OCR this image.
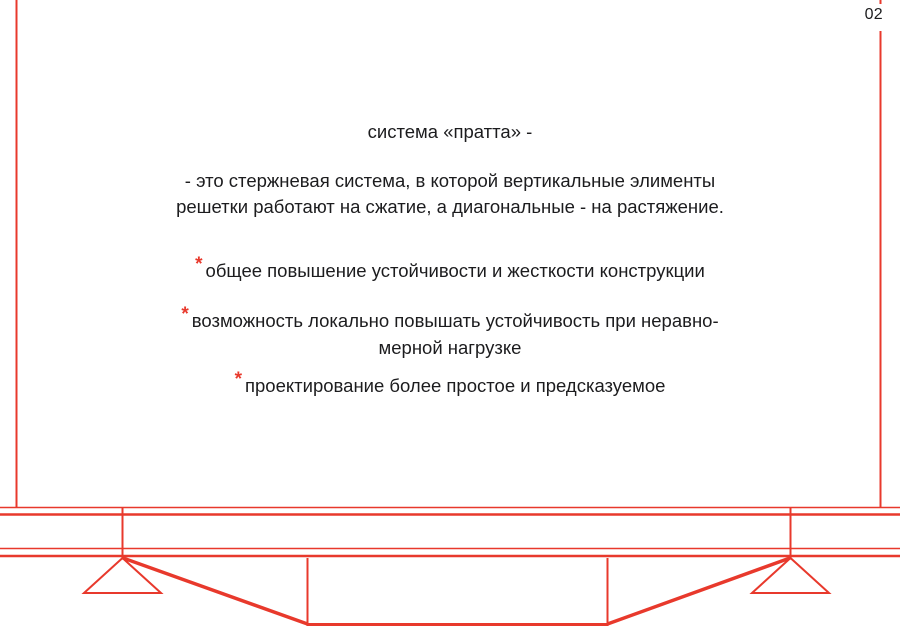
02
система «пратта» -
- это стержневая система, в которой вертикальные элименты
решетки работают на сжатие, а диагональные - на растяжение.
* общее повышение устойчивости и жесткости конструкции
* возможность локально повышать устойчивость при неравно-
мерной нагрузке
* проектирование более простое и предсказуемое
